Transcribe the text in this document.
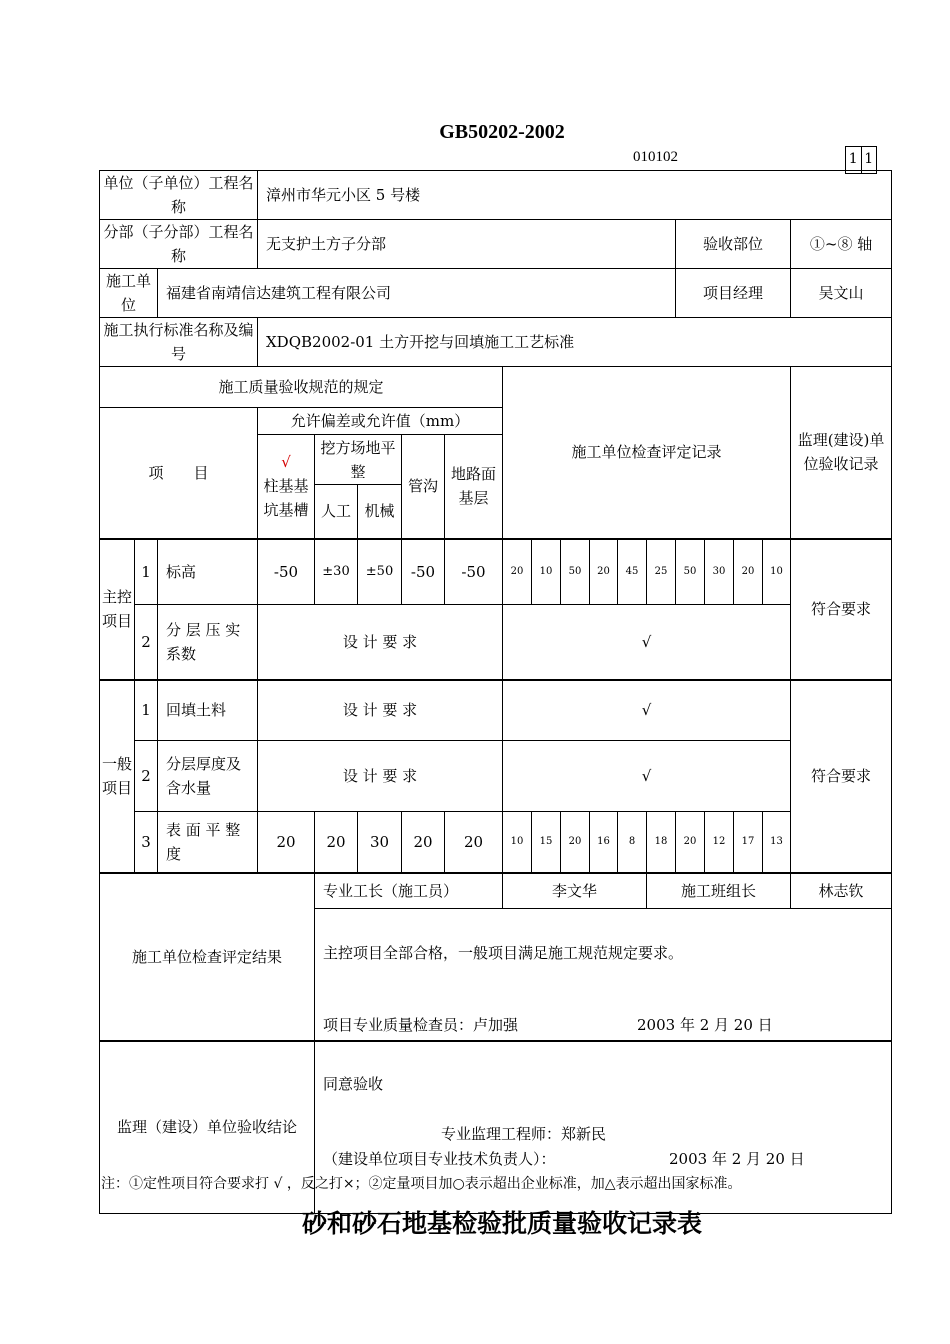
GB50202-2002
010102	1 1
单位（子单位）工程名称			漳州市华元小区 5 号楼															
分部（子分部）工程名称			无支护土方子分部											验收部位				①~⑧ 轴
施工单位		福建省南靖信达建筑工程有限公司												项目经理				吴文山
施工执行标准名称及编号			XDQB2002-01 土方开挖与回填施工工艺标准															
施工质量验收规范的规定								施工单位检查评定记录										监理(建设)单位验收记录
项　　目			允许偏差或允许值（mm）															

			√
柱基基坑基槽	挖方场地平整		管沟	地路面基层											
				人工	机械													
主控项目	1	标高	-50	±30	±50	-50	-50	20	10	50	20	45	25	50	30	20	10	符合要求
	2	分 层 压 实 系数	设 计 要 求					√										
一般项目	1	回填土料	设 计 要 求					√										符合要求
	2	分层厚度及含水量	设 计 要 求					√										
	3	表 面 平 整 度	20	20	30	20	20	10	15	20	16	8	18	20	12	17	13	
施工单位检查评定结果				专业工长（施工员）				李文华					施工班组长					林志钦

				主控项目全部合格，一般项目满足施工规范规定要求。
项目专业质量检查员：卢加强 2003 年 2 月 20 日														

监理（建设）单位验收结论				同意验收
专业监理工程师：郑新民
（建设单位项目专业技术负责人）： 2003 年 2 月 20 日														
注：①定性项目符合要求打 √ ，反之打×；②定量项目加○表示超出企业标准，加△表示超出国家标准。
砂和砂石地基检验批质量验收记录表
